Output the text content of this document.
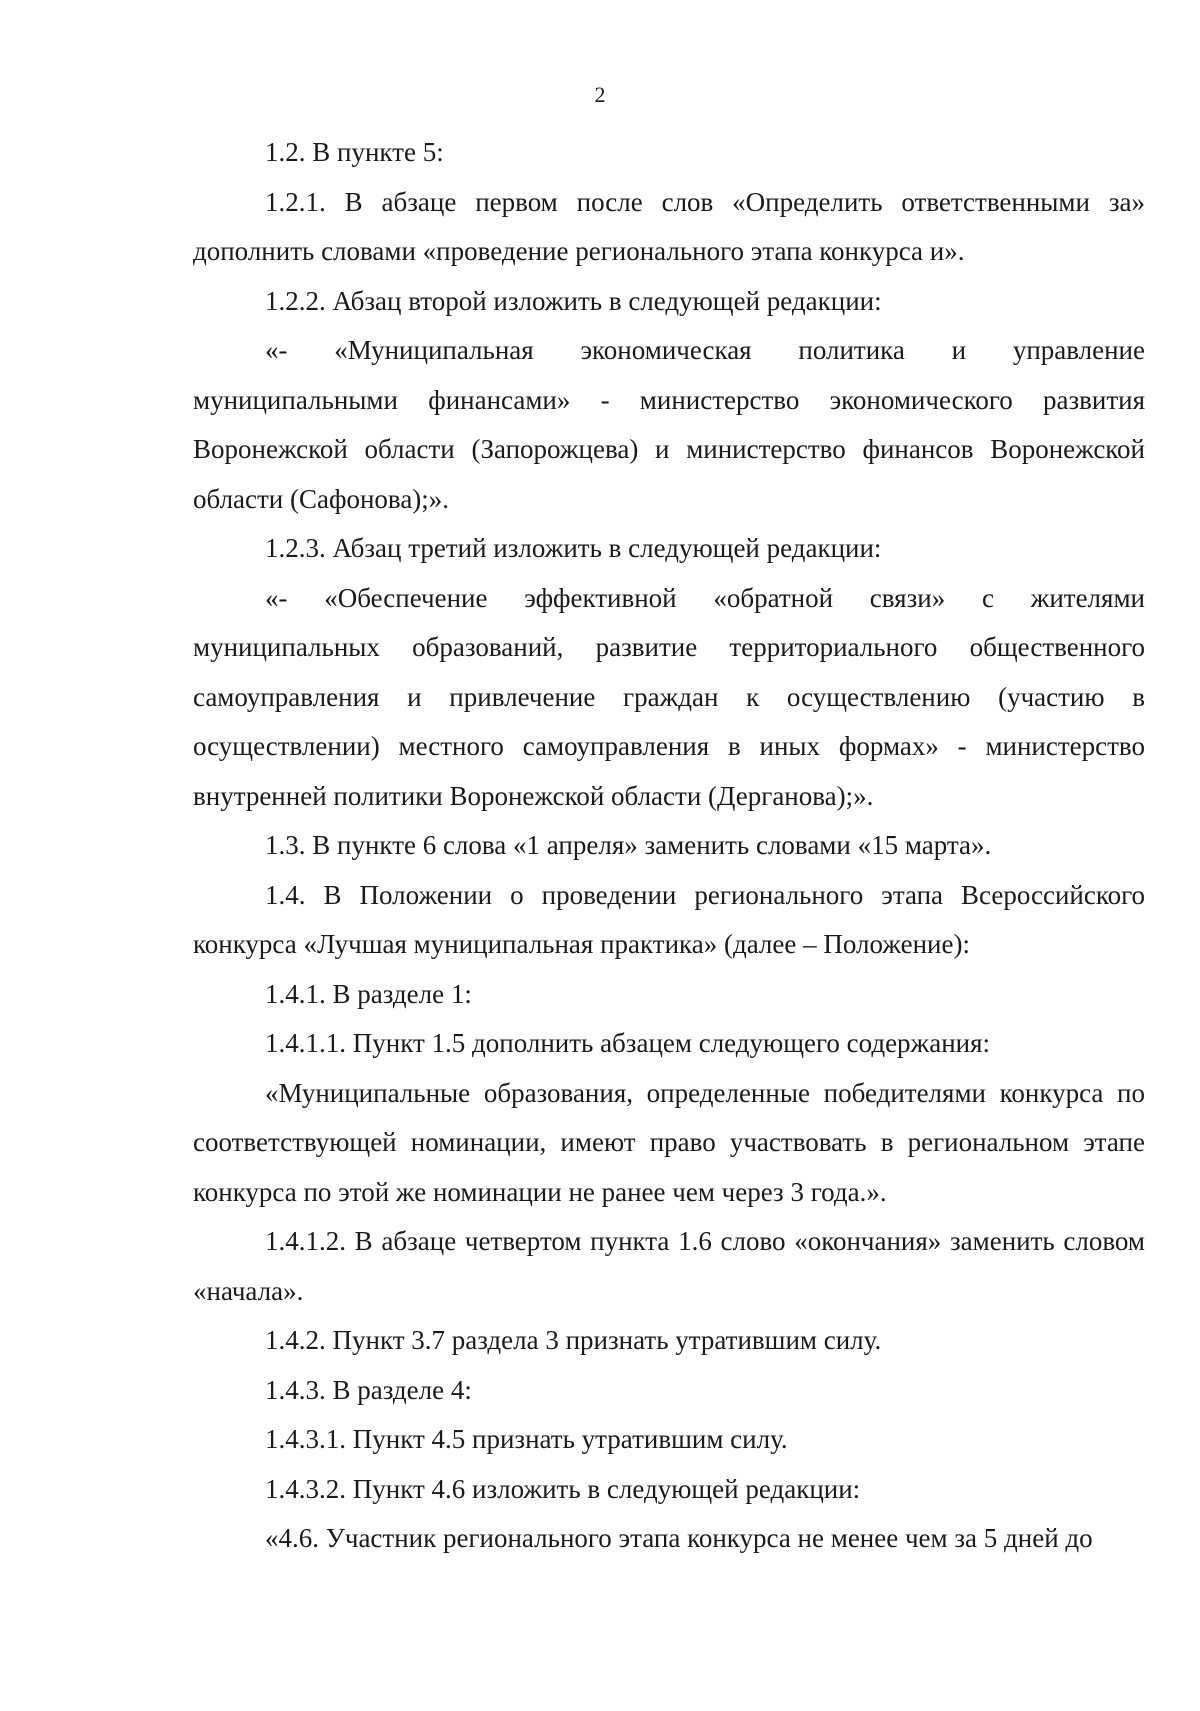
2

1.2. В пункте 5:

1.2.1. В абзаце первом после слов «Определить ответственными за» дополнить словами «проведение регионального этапа конкурса и».

1.2.2. Абзац второй изложить в следующей редакции:

«- «Муниципальная экономическая политика и управление муниципальными финансами» - министерство экономического развития Воронежской области (Запорожцева) и министерство финансов Воронежской области (Сафонова);».

1.2.3. Абзац третий изложить в следующей редакции:

«- «Обеспечение эффективной «обратной связи» с жителями муниципальных образований, развитие территориального общественного самоуправления и привлечение граждан к осуществлению (участию в осуществлении) местного самоуправления в иных формах» - министерство внутренней политики Воронежской области (Дерганова);».

1.3. В пункте 6 слова «1 апреля» заменить словами «15 марта».

1.4. В Положении о проведении регионального этапа Всероссийского конкурса «Лучшая муниципальная практика» (далее – Положение):

1.4.1. В разделе 1:

1.4.1.1. Пункт 1.5 дополнить абзацем следующего содержания:

«Муниципальные образования, определенные победителями конкурса по соответствующей номинации, имеют право участвовать в региональном этапе конкурса по этой же номинации не ранее чем через 3 года.».

1.4.1.2. В абзаце четвертом пункта 1.6 слово «окончания» заменить словом «начала».

1.4.2. Пункт 3.7 раздела 3 признать утратившим силу.

1.4.3. В разделе 4:

1.4.3.1. Пункт 4.5 признать утратившим силу.

1.4.3.2. Пункт 4.6 изложить в следующей редакции:

«4.6. Участник регионального этапа конкурса не менее чем за 5 дней до
